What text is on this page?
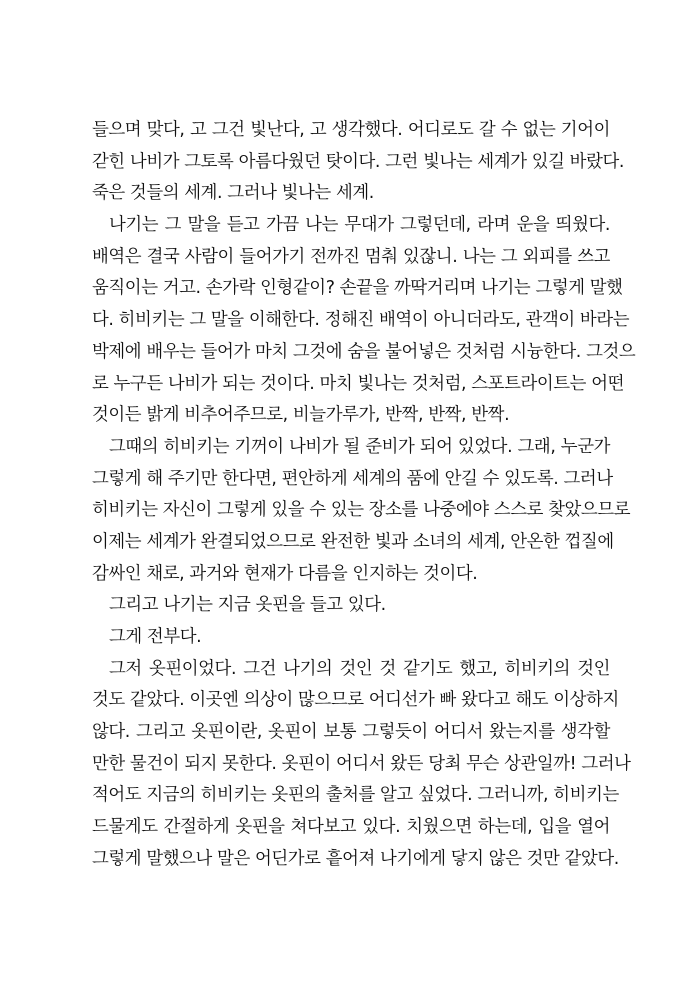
들으며 맞다, 고 그건 빛난다, 고 생각했다. 어디로도 갈 수 없는 기어이
갇힌 나비가 그토록 아름다웠던 탓이다. 그런 빛나는 세계가 있길 바랐다.
죽은 것들의 세계. 그러나 빛나는 세계.
나기는 그 말을 듣고 가끔 나는 무대가 그렇던데, 라며 운을 띄웠다.
배역은 결국 사람이 들어가기 전까진 멈춰 있잖니. 나는 그 외피를 쓰고
움직이는 거고. 손가락 인형같이? 손끝을 까딱거리며 나기는 그렇게 말했
다. 히비키는 그 말을 이해한다. 정해진 배역이 아니더라도, 관객이 바라는
박제에 배우는 들어가 마치 그것에 숨을 불어넣은 것처럼 시늉한다. 그것으
로 누구든 나비가 되는 것이다. 마치 빛나는 것처럼, 스포트라이트는 어떤
것이든 밝게 비추어주므로, 비늘가루가, 반짝, 반짝, 반짝.
그때의 히비키는 기꺼이 나비가 될 준비가 되어 있었다. 그래, 누군가
그렇게 해 주기만 한다면, 편안하게 세계의 품에 안길 수 있도록. 그러나
히비키는 자신이 그렇게 있을 수 있는 장소를 나중에야 스스로 찾았으므로
이제는 세계가 완결되었으므로 완전한 빛과 소녀의 세계, 안온한 껍질에
감싸인 채로, 과거와 현재가 다름을 인지하는 것이다.
그리고 나기는 지금 옷핀을 들고 있다.
그게 전부다.
그저 옷핀이었다. 그건 나기의 것인 것 같기도 했고, 히비키의 것인
것도 같았다. 이곳엔 의상이 많으므로 어디선가 빠 왔다고 해도 이상하지
않다. 그리고 옷핀이란, 옷핀이 보통 그렇듯이 어디서 왔는지를 생각할
만한 물건이 되지 못한다. 옷핀이 어디서 왔든 당최 무슨 상관일까! 그러나
적어도 지금의 히비키는 옷핀의 출처를 알고 싶었다. 그러니까, 히비키는
드물게도 간절하게 옷핀을 쳐다보고 있다. 치웠으면 하는데, 입을 열어
그렇게 말했으나 말은 어딘가로 흩어져 나기에게 닿지 않은 것만 같았다.
